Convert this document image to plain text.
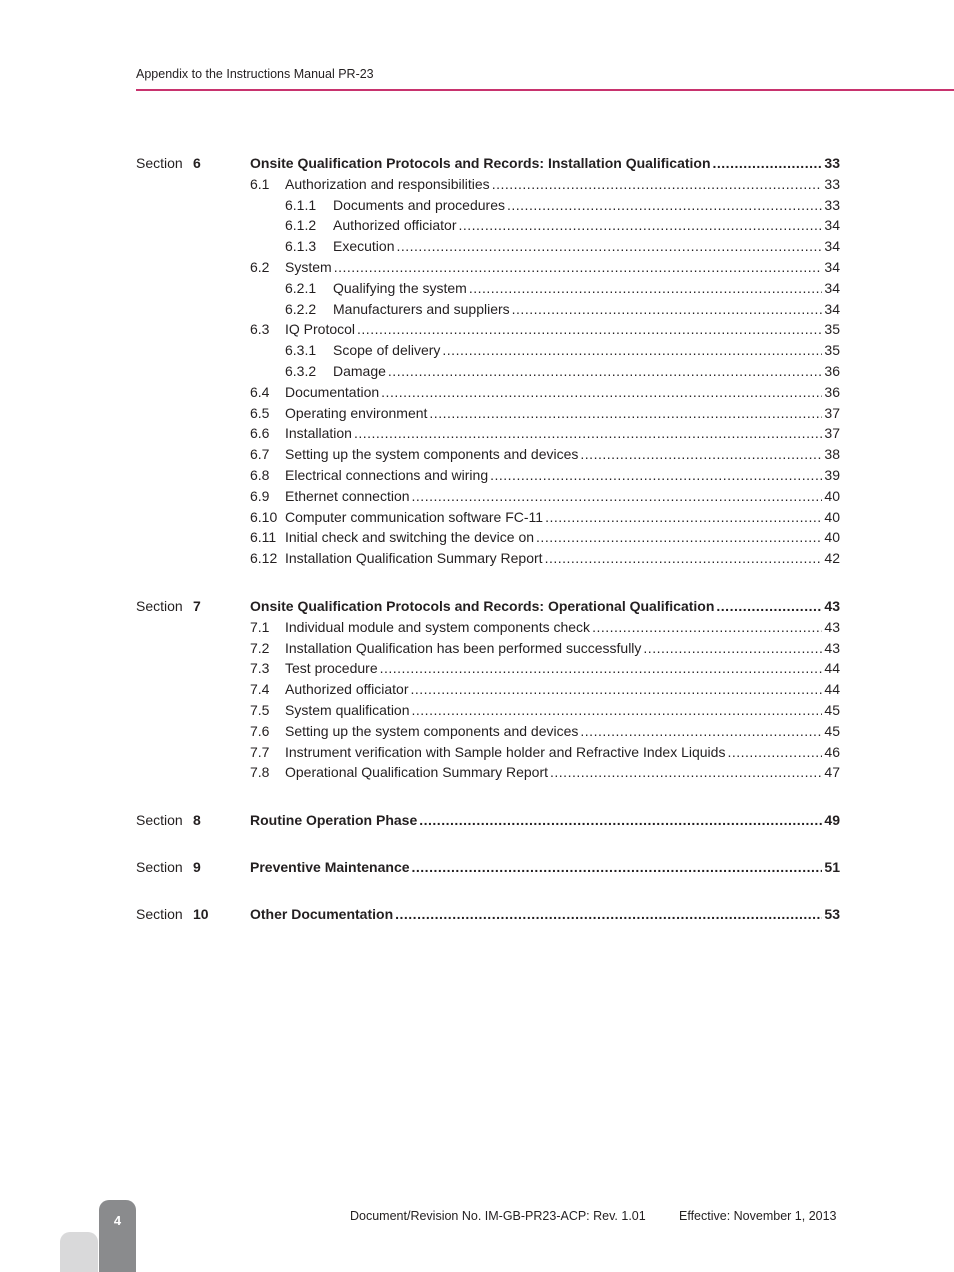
Appendix to the Instructions Manual PR-23
Section 6	Onsite Qualification Protocols and Records: Installation Qualification .....	33
6.1 Authorization and responsibilities .....	33
6.1.1 Documents and procedures .....	33
6.1.2 Authorized officiator .....	34
6.1.3 Execution .....	34
6.2 System .....	34
6.2.1 Qualifying the system .....	34
6.2.2 Manufacturers and suppliers .....	34
6.3 IQ Protocol .....	35
6.3.1 Scope of delivery .....	35
6.3.2 Damage .....	36
6.4 Documentation .....	36
6.5 Operating environment .....	37
6.6 Installation .....	37
6.7 Setting up the system components and devices .....	38
6.8 Electrical connections and wiring .....	39
6.9 Ethernet connection .....	40
6.10 Computer communication software FC-11 .....	40
6.11 Initial check and switching the device on .....	40
6.12 Installation Qualification Summary Report .....	42
Section 7	Onsite Qualification Protocols and Records: Operational Qualification .....	43
7.1 Individual module and system components check .....	43
7.2 Installation Qualification has been performed successfully .....	43
7.3 Test procedure .....	44
7.4 Authorized officiator .....	44
7.5 System qualification .....	45
7.6 Setting up the system components and devices .....	45
7.7 Instrument verification with Sample holder and Refractive Index Liquids .....	46
7.8 Operational Qualification Summary Report .....	47
Section 8	Routine Operation Phase .....	49
Section 9	Preventive Maintenance .....	51
Section 10	Other Documentation .....	53
Document/Revision No. IM-GB-PR23-ACP: Rev. 1.01	Effective: November 1, 2013
4
